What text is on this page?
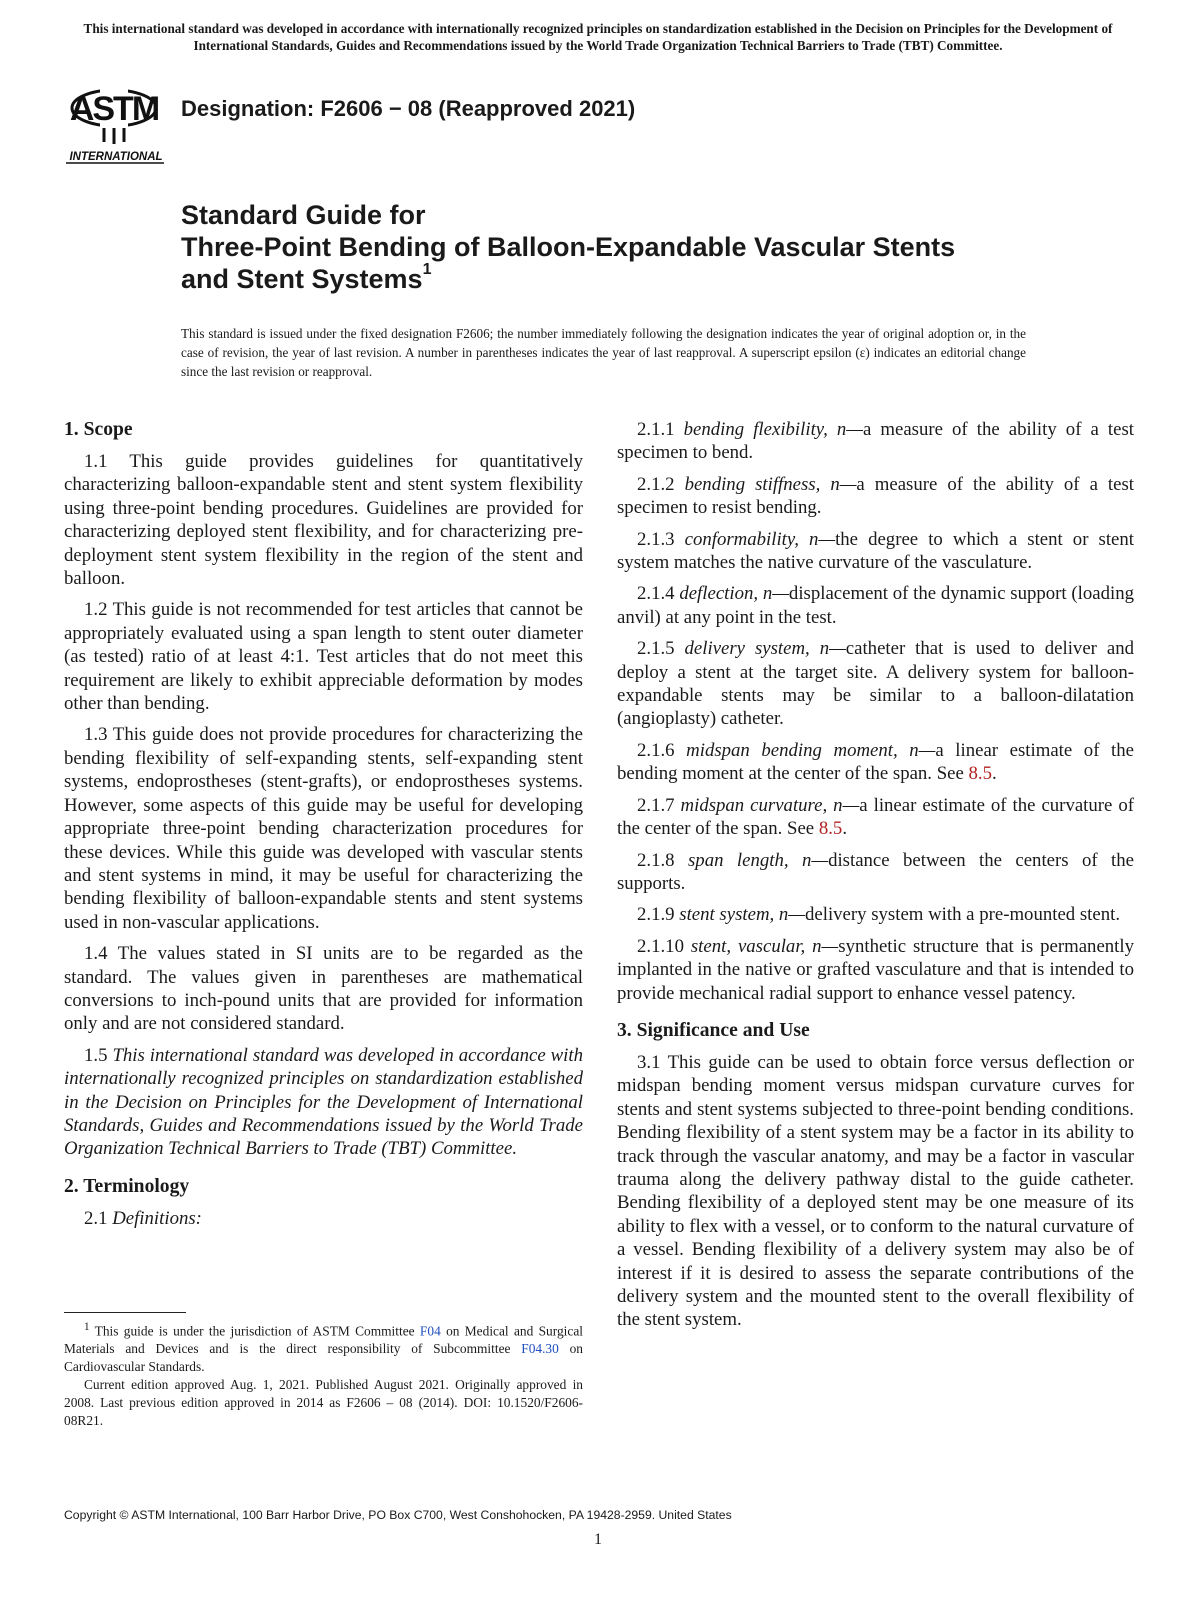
This international standard was developed in accordance with internationally recognized principles on standardization established in the Decision on Principles for the Development of International Standards, Guides and Recommendations issued by the World Trade Organization Technical Barriers to Trade (TBT) Committee.
ASTM
INTERNATIONAL
Designation: F2606 − 08 (Reapproved 2021)
Standard Guide for
Three-Point Bending of Balloon-Expandable Vascular Stents
and Stent Systems$^1$
This standard is issued under the fixed designation F2606; the number immediately following the designation indicates the year of original adoption or, in the case of revision, the year of last revision. A number in parentheses indicates the year of last reapproval. A superscript epsilon (ε) indicates an editorial change since the last revision or reapproval.
1. Scope

1.1 This guide provides guidelines for quantitatively characterizing balloon-expandable stent and stent system flexibility using three-point bending procedures. Guidelines are provided for characterizing deployed stent flexibility, and for characterizing pre-deployment stent system flexibility in the region of the stent and balloon.

1.2 This guide is not recommended for test articles that cannot be appropriately evaluated using a span length to stent outer diameter (as tested) ratio of at least 4:1. Test articles that do not meet this requirement are likely to exhibit appreciable deformation by modes other than bending.

1.3 This guide does not provide procedures for characterizing the bending flexibility of self-expanding stents, self-expanding stent systems, endoprostheses (stent-grafts), or endoprostheses systems. However, some aspects of this guide may be useful for developing appropriate three-point bending characterization procedures for these devices. While this guide was developed with vascular stents and stent systems in mind, it may be useful for characterizing the bending flexibility of balloon-expandable stents and stent systems used in non-vascular applications.

1.4 The values stated in SI units are to be regarded as the standard. The values given in parentheses are mathematical conversions to inch-pound units that are provided for information only and are not considered standard.

1.5 This international standard was developed in accordance with internationally recognized principles on standardization established in the Decision on Principles for the Development of International Standards, Guides and Recommendations issued by the World Trade Organization Technical Barriers to Trade (TBT) Committee.

2. Terminology

2.1 Definitions:

2.1.1 bending flexibility, n—a measure of the ability of a test specimen to bend.

2.1.2 bending stiffness, n—a measure of the ability of a test specimen to resist bending.

2.1.3 conformability, n—the degree to which a stent or stent system matches the native curvature of the vasculature.

2.1.4 deflection, n—displacement of the dynamic support (loading anvil) at any point in the test.

2.1.5 delivery system, n—catheter that is used to deliver and deploy a stent at the target site. A delivery system for balloon-expandable stents may be similar to a balloon-dilatation (angioplasty) catheter.

2.1.6 midspan bending moment, n—a linear estimate of the bending moment at the center of the span. See 8.5.

2.1.7 midspan curvature, n—a linear estimate of the curvature of the center of the span. See 8.5.

2.1.8 span length, n—distance between the centers of the supports.

2.1.9 stent system, n—delivery system with a pre-mounted stent.

2.1.10 stent, vascular, n—synthetic structure that is permanently implanted in the native or grafted vasculature and that is intended to provide mechanical radial support to enhance vessel patency.

3. Significance and Use

3.1 This guide can be used to obtain force versus deflection or midspan bending moment versus midspan curvature curves for stents and stent systems subjected to three-point bending conditions. Bending flexibility of a stent system may be a factor in its ability to track through the vascular anatomy, and may be a factor in vascular trauma along the delivery pathway distal to the guide catheter. Bending flexibility of a deployed stent may be one measure of its ability to flex with a vessel, or to conform to the natural curvature of a vessel. Bending flexibility of a delivery system may also be of interest if it is desired to assess the separate contributions of the delivery system and the mounted stent to the overall flexibility of the stent system.

$^1$ This guide is under the jurisdiction of ASTM Committee F04 on Medical and Surgical Materials and Devices and is the direct responsibility of Subcommittee F04.30 on Cardiovascular Standards.

Current edition approved Aug. 1, 2021. Published August 2021. Originally approved in 2008. Last previous edition approved in 2014 as F2606 – 08 (2014). DOI: 10.1520/F2606-08R21.

Copyright © ASTM International, 100 Barr Harbor Drive, PO Box C700, West Conshohocken, PA 19428-2959. United States
1
